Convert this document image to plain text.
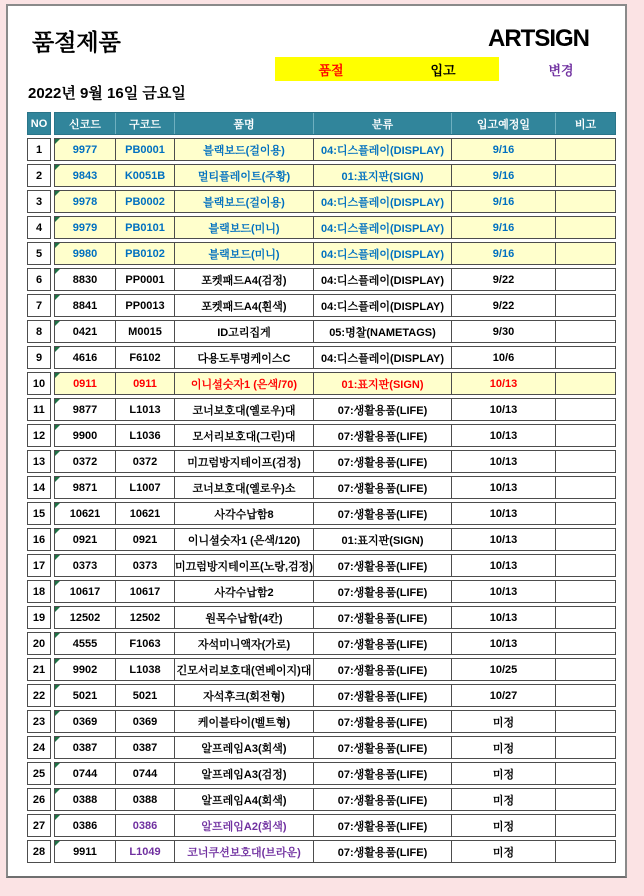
품절제품	ARTSIGN
품절	입고	변경
2022년 9월 16일 금요일
NO	신코드	구코드	품명	분류	입고예정일	비고
1	9977	PB0001	블랙보드(걸이용)	04:디스플레이(DISPLAY)	9/16
2	9843	K0051B	멀티플레이트(주황)	01:표지판(SIGN)	9/16
3	9978	PB0002	블랙보드(걸이용)	04:디스플레이(DISPLAY)	9/16
4	9979	PB0101	블랙보드(미니)	04:디스플레이(DISPLAY)	9/16
5	9980	PB0102	블랙보드(미니)	04:디스플레이(DISPLAY)	9/16
6	8830	PP0001	포켓패드A4(검정)	04:디스플레이(DISPLAY)	9/22
7	8841	PP0013	포켓패드A4(흰색)	04:디스플레이(DISPLAY)	9/22
8	0421	M0015	ID고리집게	05:명찰(NAMETAGS)	9/30
9	4616	F6102	다용도투명케이스C	04:디스플레이(DISPLAY)	10/6
10	0911	0911	이니셜숫자1 (은색/70)	01:표지판(SIGN)	10/13
11	9877	L1013	코너보호대(옐로우)대	07:생활용품(LIFE)	10/13
12	9900	L1036	모서리보호대(그린)대	07:생활용품(LIFE)	10/13
13	0372	0372	미끄럼방지테이프(검정)	07:생활용품(LIFE)	10/13
14	9871	L1007	코너보호대(옐로우)소	07:생활용품(LIFE)	10/13
15	10621	10621	사각수납함8	07:생활용품(LIFE)	10/13
16	0921	0921	이니셜숫자1 (은색/120)	01:표지판(SIGN)	10/13
17	0373	0373	미끄럼방지테이프(노랑,검정)	07:생활용품(LIFE)	10/13
18	10617	10617	사각수납함2	07:생활용품(LIFE)	10/13
19	12502	12502	원목수납함(4칸)	07:생활용품(LIFE)	10/13
20	4555	F1063	자석미니액자(가로)	07:생활용품(LIFE)	10/13
21	9902	L1038	긴모서리보호대(연베이지)대	07:생활용품(LIFE)	10/25
22	5021	5021	자석후크(회전형)	07:생활용품(LIFE)	10/27
23	0369	0369	케이블타이(벨트형)	07:생활용품(LIFE)	미정
24	0387	0387	알프레임A3(회색)	07:생활용품(LIFE)	미정
25	0744	0744	알프레임A3(검정)	07:생활용품(LIFE)	미정
26	0388	0388	알프레임A4(회색)	07:생활용품(LIFE)	미정
27	0386	0386	알프레임A2(회색)	07:생활용품(LIFE)	미정
28	9911	L1049	코너쿠션보호대(브라운)	07:생활용품(LIFE)	미정
